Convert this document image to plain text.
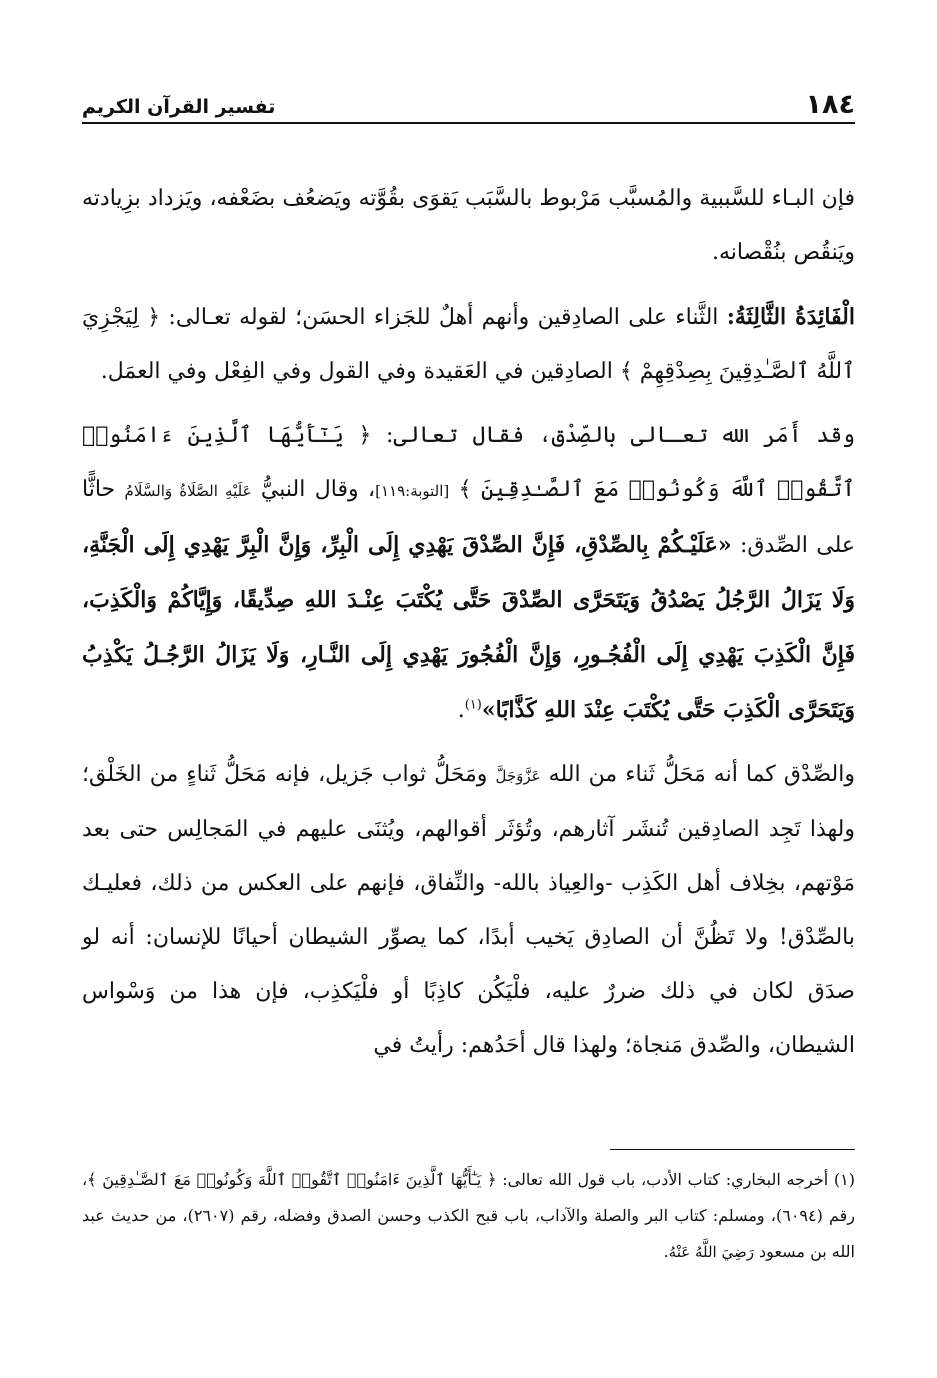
١٨٤
تفسير القرآن الكريم

فإن البـاء للسَّببية والمُسبَّب مَرْبوط بالسَّبَب يَقوَى بقُوَّته ويَضعُف بضَعْفه، ويَزداد بزِيادته ويَنقُص بنُقْصانه.

الْفَائِدَةُ الثَّالِثَةُ: الثَّناء على الصادِقين وأنهم أهلٌ للجَزاء الحسَن؛ لقوله تعـالى: ﴿ لِيَجْزِيَ ٱللَّهُ ٱلصَّـٰدِقِينَ بِصِدْقِهِمْ ﴾ الصادِقين في العَقيدة وفي القول وفي الفِعْل وفي العمَل.

وقد أَمَر الله تعـالى بالصِّدْق، فقال تعالى: ﴿ يَـٰٓأَيُّهَا ٱلَّذِينَ ءَامَنُوا۟ ٱتَّقُوا۟ ٱللَّهَ وَكُونُوا۟ مَعَ ٱلصَّـٰدِقِينَ ﴾ [التوبة:١١٩]، وقال النبيُّ عَلَيْهِ الصَّلَاةُ وَالسَّلَامُ حاثًّا على الصِّدق: «عَلَيْـكُمْ بِالصِّدْقِ، فَإِنَّ الصِّدْقَ يَهْدِي إِلَى الْبِرِّ، وَإِنَّ الْبِرَّ يَهْدِي إِلَى الْجَنَّةِ، وَلَا يَزَالُ الرَّجُلُ يَصْدُقُ وَيَتَحَرَّى الصِّدْقَ حَتَّى يُكْتَبَ عِنْـدَ اللهِ صِدِّيقًا، وَإِيَّاكُمْ وَالْكَذِبَ، فَإِنَّ الْكَذِبَ يَهْدِي إِلَى الْفُجُـورِ، وَإِنَّ الْفُجُورَ يَهْدِي إِلَى النَّـارِ، وَلَا يَزَالُ الرَّجُـلُ يَكْذِبُ وَيَتَحَرَّى الْكَذِبَ حَتَّى يُكْتَبَ عِنْدَ اللهِ كَذَّابًا»$^{(١)}$.

والصِّدْق كما أنه مَحَلُّ ثَناء من الله عَزَّوَجَلَّ ومَحَلُّ ثواب جَزيل، فإنه مَحَلُّ ثَناءٍ من الخَلْق؛ ولهذا تَجِد الصادِقين تُنشَر آثارهم، وتُؤثَر أقوالهم، ويُثنَى عليهم في المَجالِس حتى بعد مَوْتهم، بخِلاف أهل الكَذِب -والعِياذ بالله- والنِّفاق، فإنهم على العكس من ذلك، فعليـك بالصِّدْق! ولا تَظُنَّ أن الصادِق يَخيب أبدًا، كما يصوِّر الشيطان أحيانًا للإنسان: أنه لو صدَق لكان في ذلك ضررٌ عليه، فلْيَكُن كاذِبًا أو فلْيَكذِب، فإن هذا من وَسْواس الشيطان، والصِّدق مَنجاة؛ ولهذا قال أحَدُهم: رأيتُ في

(١) أخرجه البخاري: كتاب الأدب، باب قول الله تعالى: ﴿ يَـٰٓأَيُّهَا ٱلَّذِينَ ءَامَنُوا۟ ٱتَّقُوا۟ ٱللَّهَ وَكُونُوا۟ مَعَ ٱلصَّـٰدِقِينَ ﴾، رقم (٦٠٩٤)، ومسلم: كتاب البر والصلة والآداب، باب قبح الكذب وحسن الصدق وفضله، رقم (٢٦٠٧)، من حديث عبد الله بن مسعود رَضِيَ اللَّهُ عَنْهُ.
